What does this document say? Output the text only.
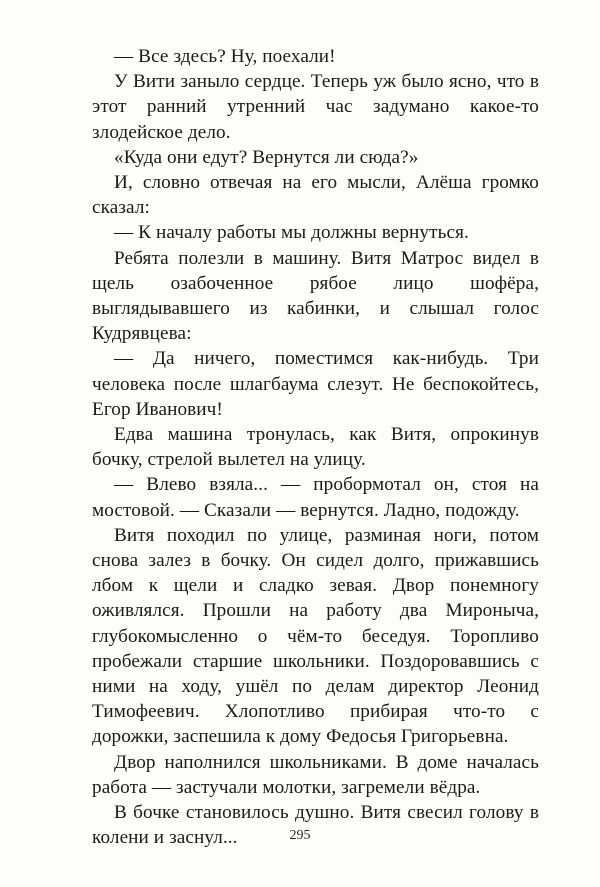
— Все здесь? Ну, поехали!

У Вити заныло сердце. Теперь уж было ясно, что в этот ранний утренний час задумано какое-то злодейское дело.

«Куда они едут? Вернутся ли сюда?»

И, словно отвечая на его мысли, Алёша громко сказал:

— К началу работы мы должны вернуться.

Ребята полезли в машину. Витя Матрос видел в щель озабоченное рябое лицо шофёра, выглядывавшего из кабинки, и слышал голос Кудрявцева:

— Да ничего, поместимся как-нибудь. Три человека после шлагбаума слезут. Не беспокойтесь, Егор Иванович!

Едва машина тронулась, как Витя, опрокинув бочку, стрелой вылетел на улицу.

— Влево взяла... — пробормотал он, стоя на мостовой. — Сказали — вернутся. Ладно, подожду.

Витя походил по улице, разминая ноги, потом снова залез в бочку. Он сидел долго, прижавшись лбом к щели и сладко зевая. Двор понемногу оживлялся. Прошли на работу два Мироныча, глубокомысленно о чём-то беседуя. Торопливо пробежали старшие школьники. Поздоровавшись с ними на ходу, ушёл по делам директор Леонид Тимофеевич. Хлопотливо прибирая что-то с дорожки, заспешила к дому Федосья Григорьевна.

Двор наполнился школьниками. В доме началась работа — застучали молотки, загремели вёдра.

В бочке становилось душно. Витя свесил голову в колени и заснул...	295
